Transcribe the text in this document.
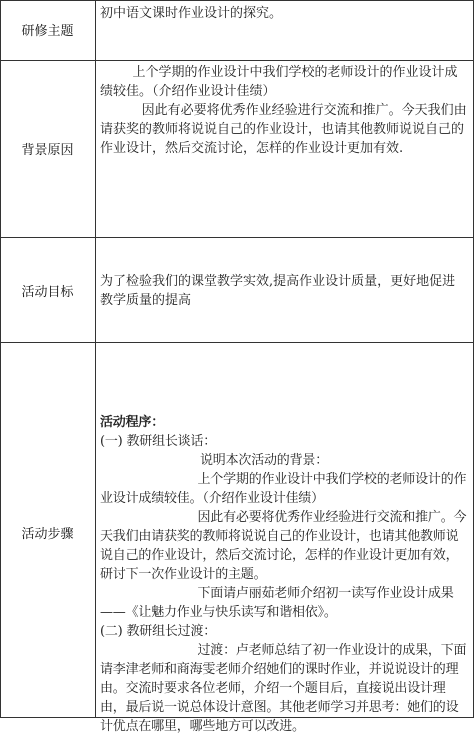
研修主题

初中语文课时作业设计的探究。

背景原因

上个学期的作业设计中我们学校的老师设计的作业设计成绩较佳。（介绍作业设计佳绩）

因此有必要将优秀作业经验进行交流和推广。今天我们由请获奖的教师将说说自己的作业设计，也请其他教师说说自己的作业设计，然后交流讨论，怎样的作业设计更加有效.

活动目标

为了检验我们的课堂教学实效,提高作业设计质量，更好地促进教学质量的提高

活动步骤

活动程序：

(一) 教研组长谈话：

说明本次活动的背景：

上个学期的作业设计中我们学校的老师设计的作业设计成绩较佳。（介绍作业设计佳绩）

因此有必要将优秀作业经验进行交流和推广。今天我们由请获奖的教师将说说自己的作业设计，也请其他教师说说自己的作业设计，然后交流讨论，怎样的作业设计更加有效，研讨下一次作业设计的主题。

下面请卢丽茹老师介绍初一读写作业设计成果——《让魅力作业与快乐读写和谐相依》。

(二) 教研组长过渡：

过渡：卢老师总结了初一作业设计的成果，下面请李津老师和商海雯老师介绍她们的课时作业，并说说设计的理由。交流时要求各位老师，介绍一个题目后，直接说出设计理由，最后说一说总体设计意图。其他老师学习并思考：她们的设计优点在哪里，哪些地方可以改进。
